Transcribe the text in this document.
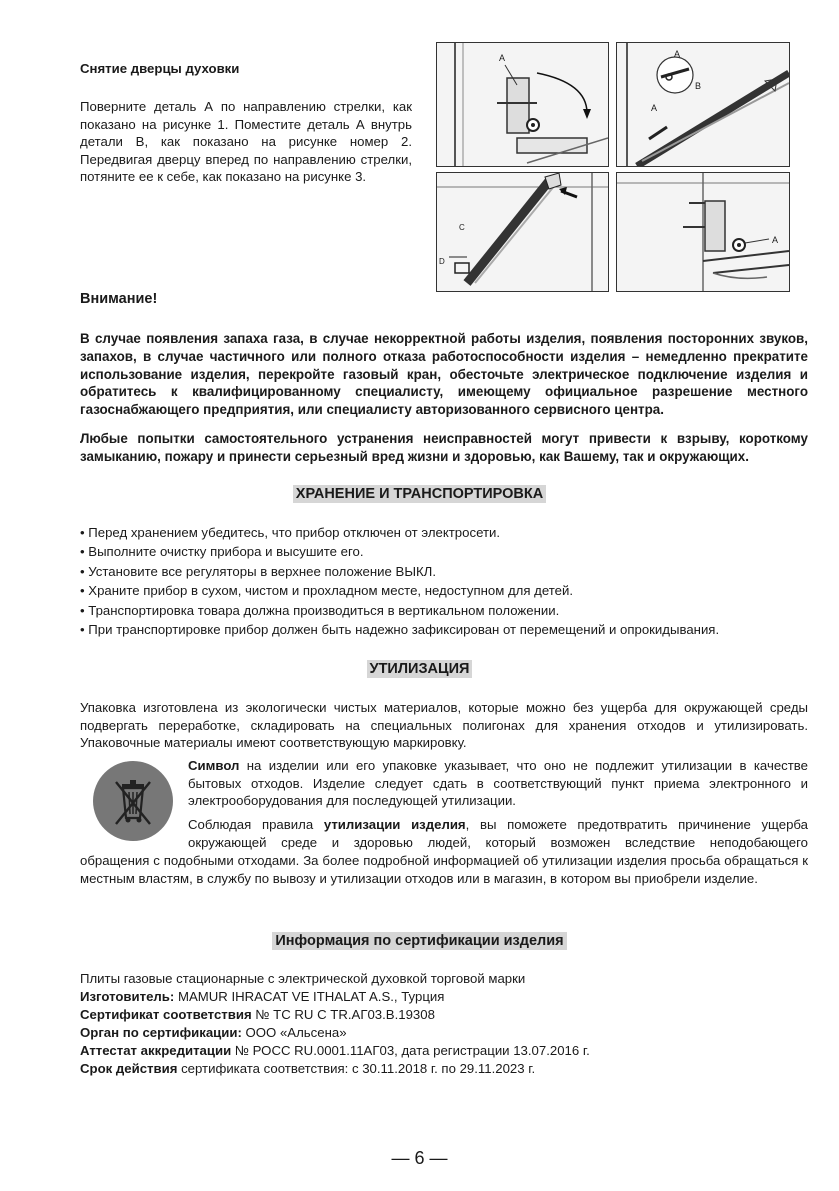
Снятие дверцы духовки
Поверните деталь А по направлению стрелки, как показано на рисунке 1. Поместите деталь А внутрь детали В, как показано на рисунке номер 2. Передвигая дверцу вперед по направлению стрелки, потяните ее к себе, как показано на рисунке 3.
A	A
B
A
C
D
A
Внимание!
В случае появления запаха газа, в случае некорректной работы изделия, появления посторонних звуков, запахов, в случае частичного или полного отказа работоспособности изделия – немедленно прекратите использование изделия, перекройте газовый кран, обесточьте электрическое подключение изделия и обратитесь к квалифицированному специалисту, имеющему официальное разрешение местного газоснабжающего предприятия, или специалисту авторизованного сервисного центра.
Любые попытки самостоятельного устранения неисправностей могут привести к взрыву, короткому замыканию, пожару и принести серьезный вред жизни и здоровью, как Вашему, так и окружающих.
ХРАНЕНИЕ И ТРАНСПОРТИРОВКА
• Перед хранением убедитесь, что прибор отключен от электросети.
• Выполните очистку прибора и высушите его.
• Установите все регуляторы в верхнее положение ВЫКЛ.
• Храните прибор в сухом, чистом и прохладном месте, недоступном для детей.
• Транспортировка товара должна производиться в вертикальном положении.
• При транспортировке прибор должен быть надежно зафиксирован от перемещений и опрокидывания.
УТИЛИЗАЦИЯ
Упаковка изготовлена из экологически чистых материалов, которые можно без ущерба для окружающей среды подвергать переработке, складировать на специальных полигонах для хранения отходов и утилизировать. Упаковочные материалы имеют соответствующую маркировку.
Символ на изделии или его упаковке указывает, что оно не подлежит утилизации в качестве бытовых отходов. Изделие следует сдать в соответствующий пункт приема электронного и электрооборудования для последующей утилизации.
Соблюдая правила утилизации изделия, вы поможете предотвратить причинение ущерба
окружающей среде и здоровью людей, который возможен вследствие неподобающего
обращения с подобными отходами. За более подробной информацией об утилизации изделия просьба обращаться к местным властям, в службу по вывозу и утилизации отходов или в магазин, в котором вы приобрели изделие.
Информация по сертификации изделия
Плиты газовые стационарные с электрической духовкой торговой марки
Изготовитель: MAMUR IHRACAT VE ITHALAT A.S., Турция
Сертификат соответствия № ТС RU С TR.АГ03.В.19308
Орган по сертификации: ООО «Альсена»
Аттестат аккредитации № РОСС RU.0001.11АГ03, дата регистрации 13.07.2016 г.
Срок действия сертификата соответствия: с 30.11.2018 г. по 29.11.2023 г.
— 6 —
